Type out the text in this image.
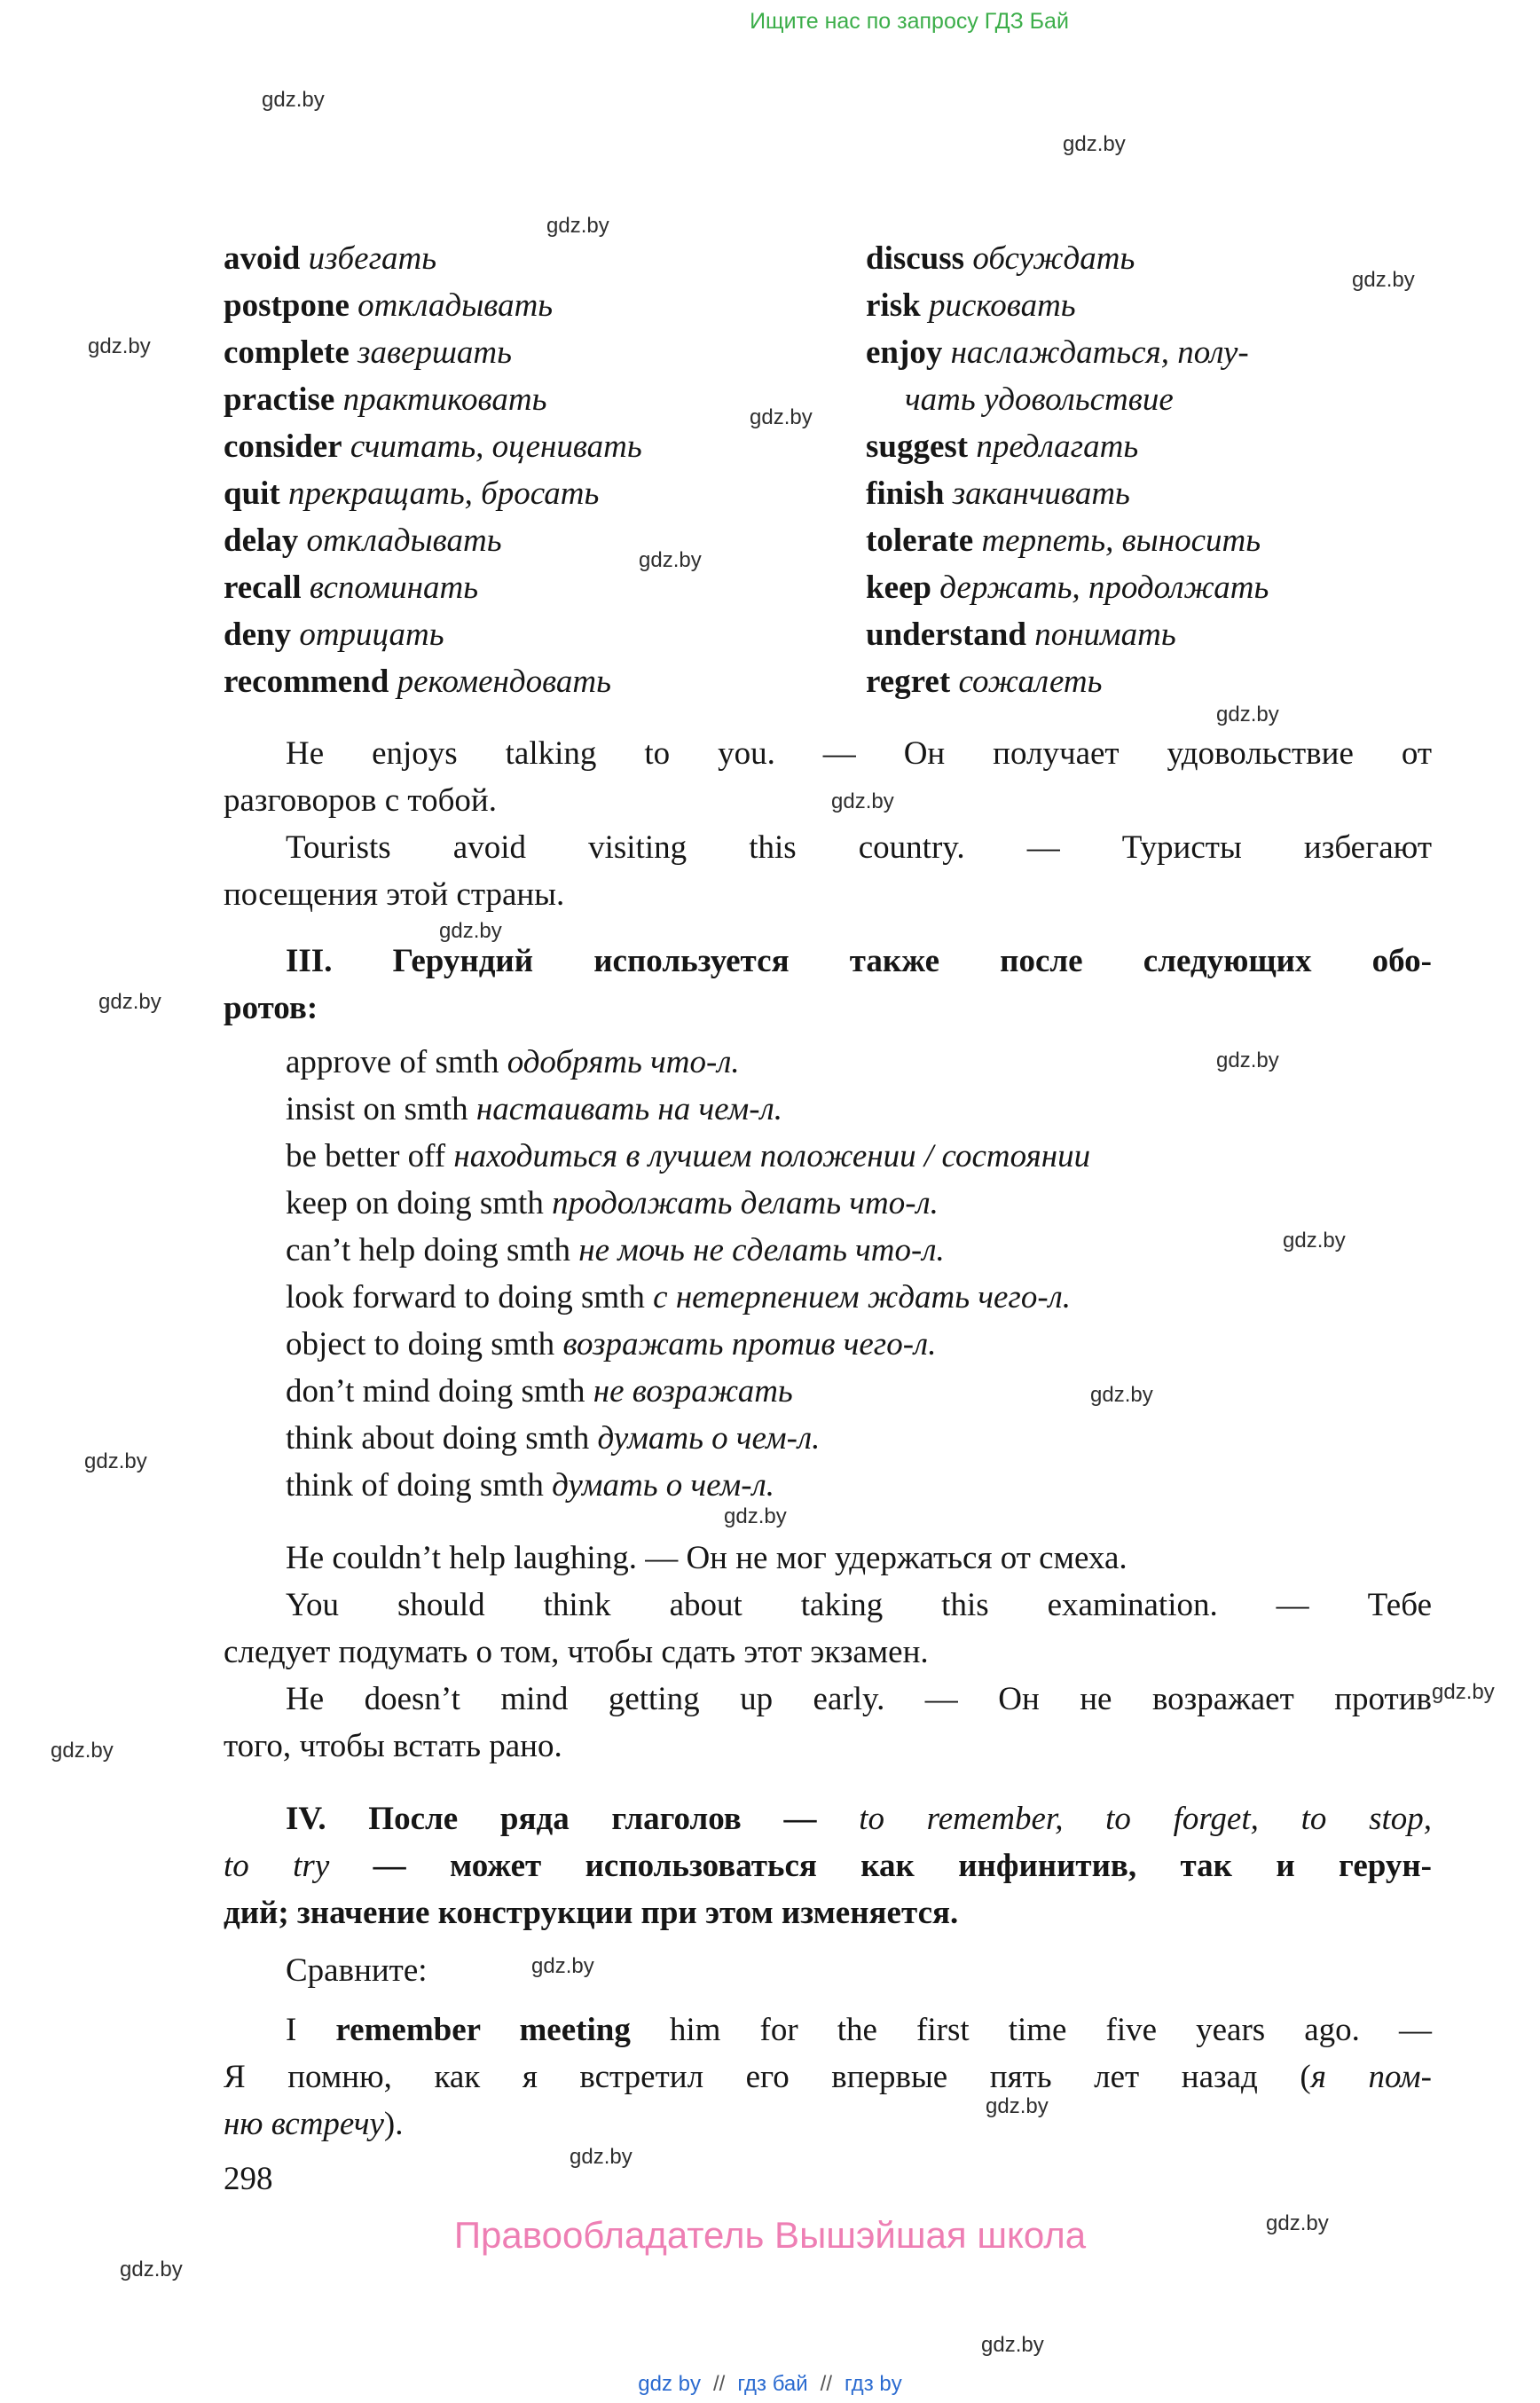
Ищите нас по запросу ГДЗ Бай
gdz.by
gdz.by
gdz.by
gdz.by
gdz.by
gdz.by
gdz.by
gdz.by
gdz.by
gdz.by
gdz.by
gdz.by
gdz.by
gdz.by
gdz.by
gdz.by
gdz.by
gdz.by
gdz.by
gdz.by
gdz.by
gdz.by
gdz.by
gdz.by
avoid избегать
postpone откладывать
complete завершать
practise практиковать
consider считать, оценивать
quit прекращать, бросать
delay откладывать
recall вспоминать
deny отрицать
recommend рекомендовать
discuss обсуждать
risk рисковать
enjoy наслаждаться, полу-
чать удовольствие
suggest предлагать
finish заканчивать
tolerate терпеть, выносить
keep держать, продолжать
understand понимать
regret сожалеть
He enjoys talking to you. — Он получает удовольствие от
разговоров с тобой.
Tourists avoid visiting this country. — Туристы избегают
посещения этой страны.
III. Герундий используется также после следующих обо-
ротов:
approve of smth одобрять что-л.
insist on smth настаивать на чем-л.
be better off находиться в лучшем положении / состоянии
keep on doing smth продолжать делать что-л.
can’t help doing smth не мочь не сделать что-л.
look forward to doing smth с нетерпением ждать чего-л.
object to doing smth возражать против чего-л.
don’t mind doing smth не возражать
think about doing smth думать о чем-л.
think of doing smth думать о чем-л.
He couldn’t help laughing. — Он не мог удержаться от смеха.
You should think about taking this examination. — Тебе
следует подумать о том, чтобы сдать этот экзамен.
He doesn’t mind getting up early. — Он не возражает против
того, чтобы встать рано.
IV. После ряда глаголов — to remember, to forget, to stop,
to try — может использоваться как инфинитив, так и герун-
дий; значение конструкции при этом изменяется.
Сравните:
I remember meeting him for the first time five years ago. —
Я помню, как я встретил его впервые пять лет назад (я пом-
ню встречу).
298
Правообладатель Вышэйшая школа
gdz by // гдз бай // гдз by
